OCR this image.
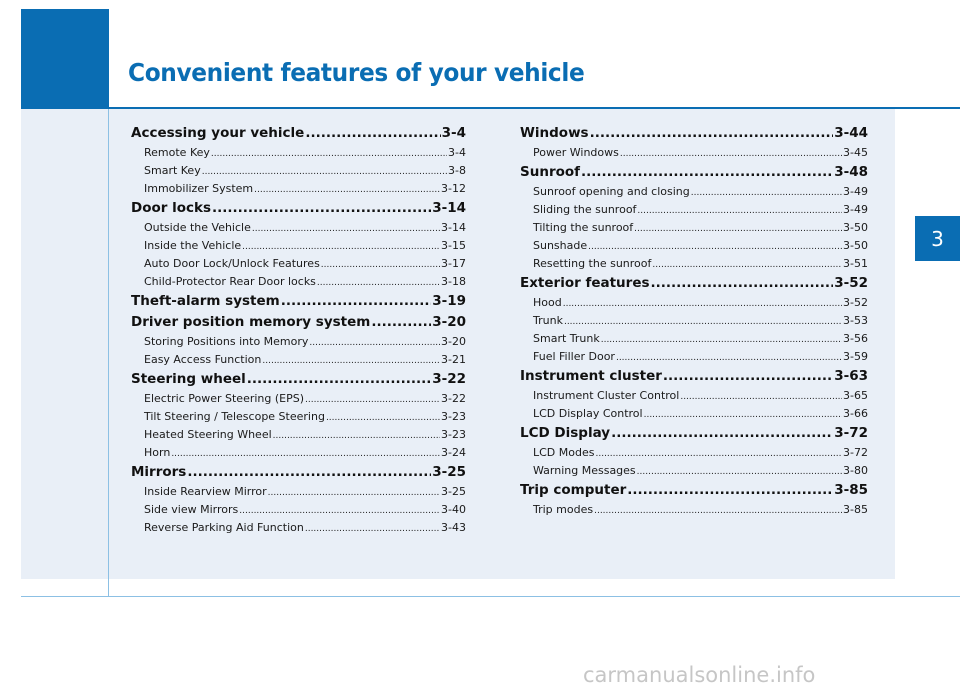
Convenient features of your vehicle
Accessing your vehicle .....	3-4
Remote Key .....	3-4
Smart Key .....	3-8
Immobilizer System .....	3-12
Door locks .....	3-14
Outside the Vehicle .....	3-14
Inside the Vehicle .....	3-15
Auto Door Lock/Unlock Features .....	3-17
Child-Protector Rear Door locks .....	3-18
Theft-alarm system .....	3-19
Driver position memory system .....	3-20
Storing Positions into Memory .....	3-20
Easy Access Function .....	3-21
Steering wheel .....	3-22
Electric Power Steering (EPS) .....	3-22
Tilt Steering / Telescope Steering .....	3-23
Heated Steering Wheel .....	3-23
Horn .....	3-24
Mirrors .....	3-25
Inside Rearview Mirror .....	3-25
Side view Mirrors .....	3-40
Reverse Parking Aid Function .....	3-43
Windows .....	3-44
Power Windows .....	3-45
Sunroof .....	3-48
Sunroof opening and closing .....	3-49
Sliding the sunroof .....	3-49
Tilting the sunroof .....	3-50
Sunshade .....	3-50
Resetting the sunroof .....	3-51
Exterior features .....	3-52
Hood .....	3-52
Trunk .....	3-53
Smart Trunk .....	3-56
Fuel Filler Door .....	3-59
Instrument cluster .....	3-63
Instrument Cluster Control .....	3-65
LCD Display Control .....	3-66
LCD Display .....	3-72
LCD Modes .....	3-72
Warning Messages .....	3-80
Trip computer .....	3-85
Trip modes .....	3-85
3
carmanualsonline.info
